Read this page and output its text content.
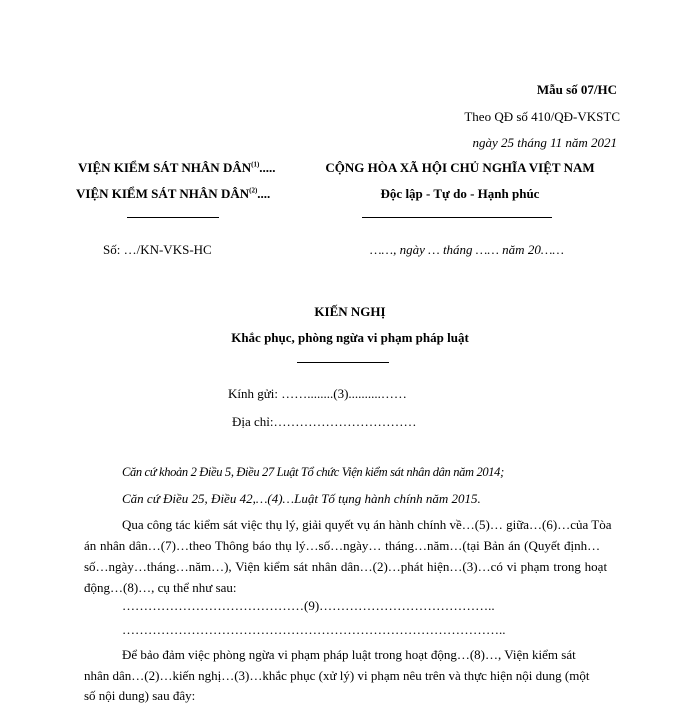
Mẫu số 07/HC
Theo QĐ số 410/QĐ-VKSTC
ngày 25 tháng 11 năm 2021
VIỆN KIỂM SÁT NHÂN DÂN$^{(1)}$.....
VIỆN KIỂM SÁT NHÂN DÂN$^{(2)}$....
CỘNG HÒA XÃ HỘI CHỦ NGHĨA VIỆT NAM
Độc lập - Tự do - Hạnh phúc
Số: …/KN-VKS-HC	……, ngày … tháng …… năm 20……
KIẾN NGHỊ
Khắc phục, phòng ngừa vi phạm pháp luật
Kính gửi: ……........(3)..........……
Địa chỉ:……………………………
Căn cứ khoản 2 Điều 5, Điều 27 Luật Tổ chức Viện kiểm sát nhân dân năm 2014;
Căn cứ Điều 25, Điều 42,…(4)…Luật Tố tụng hành chính năm 2015.
Qua công tác kiểm sát việc thụ lý, giải quyết vụ án hành chính về…(5)… giữa…(6)…của Tòa
án nhân dân…(7)…theo Thông báo thụ lý…số…ngày… tháng…năm…(tại Bản án (Quyết định…
số…ngày…tháng…năm…), Viện kiểm sát nhân dân…(2)…phát hiện…(3)…có vi phạm trong hoạt
động…(8)…, cụ thể như sau:
……………………………………(9)…………………………………..
……………………………………………………………………………..
Để bảo đảm việc phòng ngừa vi phạm pháp luật trong hoạt động…(8)…, Viện kiểm sát
nhân dân…(2)…kiến nghị…(3)…khắc phục (xử lý) vi phạm nêu trên và thực hiện nội dung (một
số nội dung) sau đây:
